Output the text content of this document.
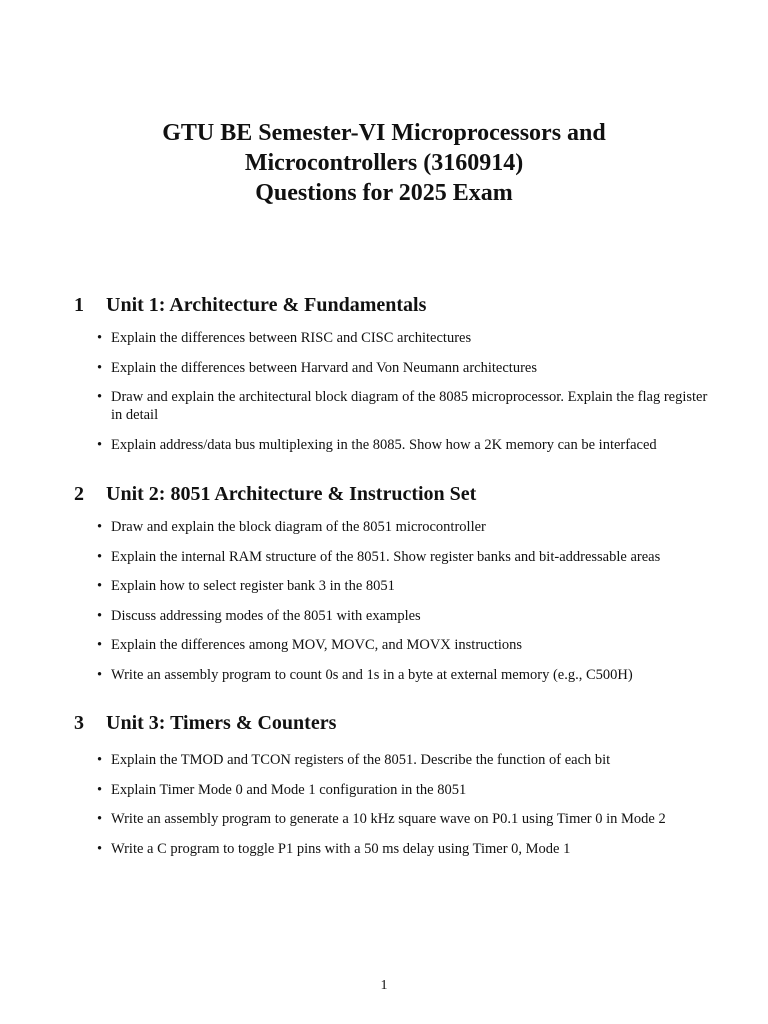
GTU BE Semester-VI Microprocessors and
Microcontrollers (3160914)
Questions for 2025 Exam
1	Unit 1: Architecture & Fundamentals
• Explain the differences between RISC and CISC architectures
• Explain the differences between Harvard and Von Neumann architectures
• Draw and explain the architectural block diagram of the 8085 microprocessor. Explain the flag register in detail
• Explain address/data bus multiplexing in the 8085. Show how a 2K memory can be interfaced
2	Unit 2: 8051 Architecture & Instruction Set
• Draw and explain the block diagram of the 8051 microcontroller
• Explain the internal RAM structure of the 8051. Show register banks and bit-addressable areas
• Explain how to select register bank 3 in the 8051
• Discuss addressing modes of the 8051 with examples
• Explain the differences among MOV, MOVC, and MOVX instructions
• Write an assembly program to count 0s and 1s in a byte at external memory (e.g., C500H)
3	Unit 3: Timers & Counters
• Explain the TMOD and TCON registers of the 8051. Describe the function of each bit
• Explain Timer Mode 0 and Mode 1 configuration in the 8051
• Write an assembly program to generate a 10 kHz square wave on P0.1 using Timer 0 in Mode 2
• Write a C program to toggle P1 pins with a 50 ms delay using Timer 0, Mode 1
1
